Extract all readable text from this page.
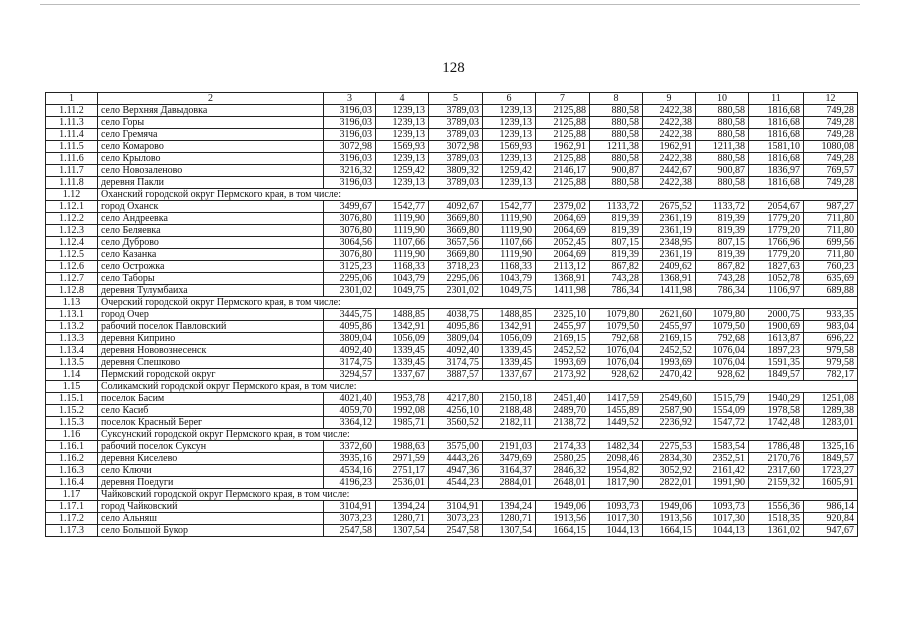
128
1	2	3	4	5	6	7	8	9	10	11	12
1.11.2	село Верхняя Давыдовка	3196,03	1239,13	3789,03	1239,13	2125,88	880,58	2422,38	880,58	1816,68	749,28
1.11.3	село Горы	3196,03	1239,13	3789,03	1239,13	2125,88	880,58	2422,38	880,58	1816,68	749,28
1.11.4	село Гремяча	3196,03	1239,13	3789,03	1239,13	2125,88	880,58	2422,38	880,58	1816,68	749,28
1.11.5	село Комарово	3072,98	1569,93	3072,98	1569,93	1962,91	1211,38	1962,91	1211,38	1581,10	1080,08
1.11.6	село Крылово	3196,03	1239,13	3789,03	1239,13	2125,88	880,58	2422,38	880,58	1816,68	749,28
1.11.7	село Новозаленово	3216,32	1259,42	3809,32	1259,42	2146,17	900,87	2442,67	900,87	1836,97	769,57
1.11.8	деревня Пакли	3196,03	1239,13	3789,03	1239,13	2125,88	880,58	2422,38	880,58	1816,68	749,28
1.12	Оханский городской округ Пермского края, в том числе:										
1.12.1	город Оханск	3499,67	1542,77	4092,67	1542,77	2379,02	1133,72	2675,52	1133,72	2054,67	987,27
1.12.2	село Андреевка	3076,80	1119,90	3669,80	1119,90	2064,69	819,39	2361,19	819,39	1779,20	711,80
1.12.3	село Беляевка	3076,80	1119,90	3669,80	1119,90	2064,69	819,39	2361,19	819,39	1779,20	711,80
1.12.4	село Дуброво	3064,56	1107,66	3657,56	1107,66	2052,45	807,15	2348,95	807,15	1766,96	699,56
1.12.5	село Казанка	3076,80	1119,90	3669,80	1119,90	2064,69	819,39	2361,19	819,39	1779,20	711,80
1.12.6	село Острожка	3125,23	1168,33	3718,23	1168,33	2113,12	867,82	2409,62	867,82	1827,63	760,23
1.12.7	село Таборы	2295,06	1043,79	2295,06	1043,79	1368,91	743,28	1368,91	743,28	1052,78	635,69
1.12.8	деревня Тулумбаиха	2301,02	1049,75	2301,02	1049,75	1411,98	786,34	1411,98	786,34	1106,97	689,88
1.13	Очерский городской округ Пермского края, в том числе:										
1.13.1	город Очер	3445,75	1488,85	4038,75	1488,85	2325,10	1079,80	2621,60	1079,80	2000,75	933,35
1.13.2	рабочий поселок Павловский	4095,86	1342,91	4095,86	1342,91	2455,97	1079,50	2455,97	1079,50	1900,69	983,04
1.13.3	деревня Киприно	3809,04	1056,09	3809,04	1056,09	2169,15	792,68	2169,15	792,68	1613,87	696,22
1.13.4	деревня Нововознесенск	4092,40	1339,45	4092,40	1339,45	2452,52	1076,04	2452,52	1076,04	1897,23	979,58
1.13.5	деревня Спешково	3174,75	1339,45	3174,75	1339,45	1993,69	1076,04	1993,69	1076,04	1591,35	979,58
1.14	Пермский городской округ	3294,57	1337,67	3887,57	1337,67	2173,92	928,62	2470,42	928,62	1849,57	782,17
1.15	Соликамский городской округ Пермского края, в том числе:										
1.15.1	поселок Басим	4021,40	1953,78	4217,80	2150,18	2451,40	1417,59	2549,60	1515,79	1940,29	1251,08
1.15.2	село Касиб	4059,70	1992,08	4256,10	2188,48	2489,70	1455,89	2587,90	1554,09	1978,58	1289,38
1.15.3	поселок Красный Берег	3364,12	1985,71	3560,52	2182,11	2138,72	1449,52	2236,92	1547,72	1742,48	1283,01
1.16	Суксунский городской округ Пермского края, в том числе:										
1.16.1	рабочий поселок Суксун	3372,60	1988,63	3575,00	2191,03	2174,33	1482,34	2275,53	1583,54	1786,48	1325,16
1.16.2	деревня Киселево	3935,16	2971,59	4443,26	3479,69	2580,25	2098,46	2834,30	2352,51	2170,76	1849,57
1.16.3	село Ключи	4534,16	2751,17	4947,36	3164,37	2846,32	1954,82	3052,92	2161,42	2317,60	1723,27
1.16.4	деревня Поедуги	4196,23	2536,01	4544,23	2884,01	2648,01	1817,90	2822,01	1991,90	2159,32	1605,91
1.17	Чайковский городской округ Пермского края, в том числе:										
1.17.1	город Чайковский	3104,91	1394,24	3104,91	1394,24	1949,06	1093,73	1949,06	1093,73	1556,36	986,14
1.17.2	село Альняш	3073,23	1280,71	3073,23	1280,71	1913,56	1017,30	1913,56	1017,30	1518,35	920,84
1.17.3	село Большой Букор	2547,58	1307,54	2547,58	1307,54	1664,15	1044,13	1664,15	1044,13	1361,02	947,67
